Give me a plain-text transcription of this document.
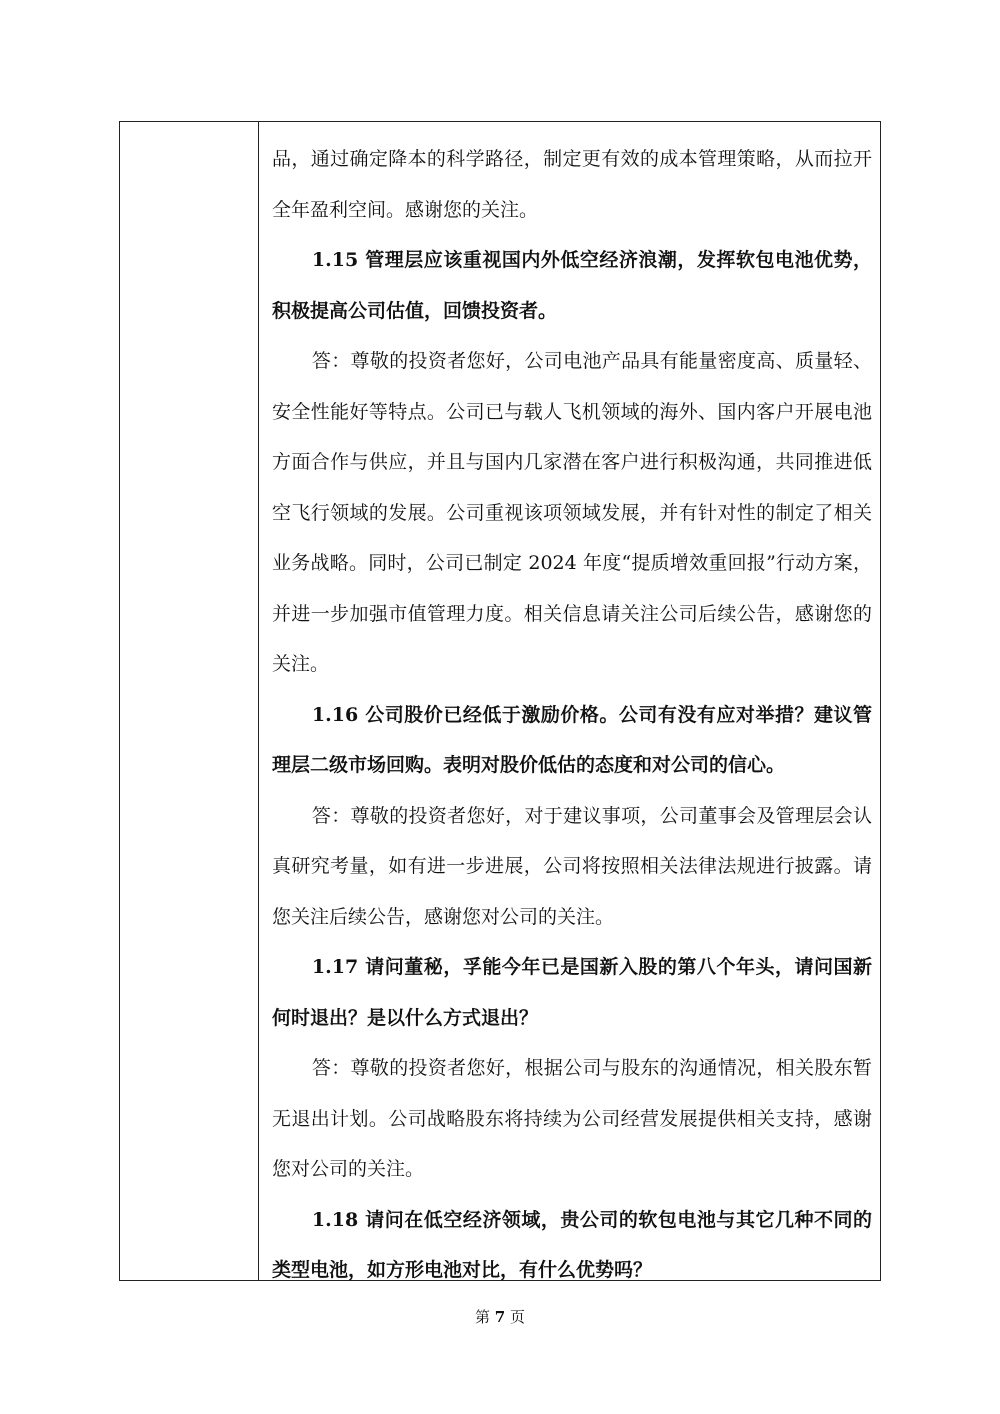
品，通过确定降本的科学路径，制定更有效的成本管理策略，从而拉开全年盈利空间。感谢您的关注。

1.15 管理层应该重视国内外低空经济浪潮，发挥软包电池优势，积极提高公司估值，回馈投资者。

答：尊敬的投资者您好，公司电池产品具有能量密度高、质量轻、安全性能好等特点。公司已与载人飞机领域的海外、国内客户开展电池方面合作与供应，并且与国内几家潜在客户进行积极沟通，共同推进低空飞行领域的发展。公司重视该项领域发展，并有针对性的制定了相关业务战略。同时，公司已制定 2024 年度“提质增效重回报”行动方案，并进一步加强市值管理力度。相关信息请关注公司后续公告，感谢您的关注。

1.16 公司股价已经低于激励价格。公司有没有应对举措？建议管理层二级市场回购。表明对股价低估的态度和对公司的信心。

答：尊敬的投资者您好，对于建议事项，公司董事会及管理层会认真研究考量，如有进一步进展，公司将按照相关法律法规进行披露。请您关注后续公告，感谢您对公司的关注。

1.17 请问董秘，孚能今年已是国新入股的第八个年头，请问国新何时退出？是以什么方式退出？

答：尊敬的投资者您好，根据公司与股东的沟通情况，相关股东暂无退出计划。公司战略股东将持续为公司经营发展提供相关支持，感谢您对公司的关注。

1.18 请问在低空经济领域，贵公司的软包电池与其它几种不同的类型电池，如方形电池对比，有什么优势吗？

第 7 页
